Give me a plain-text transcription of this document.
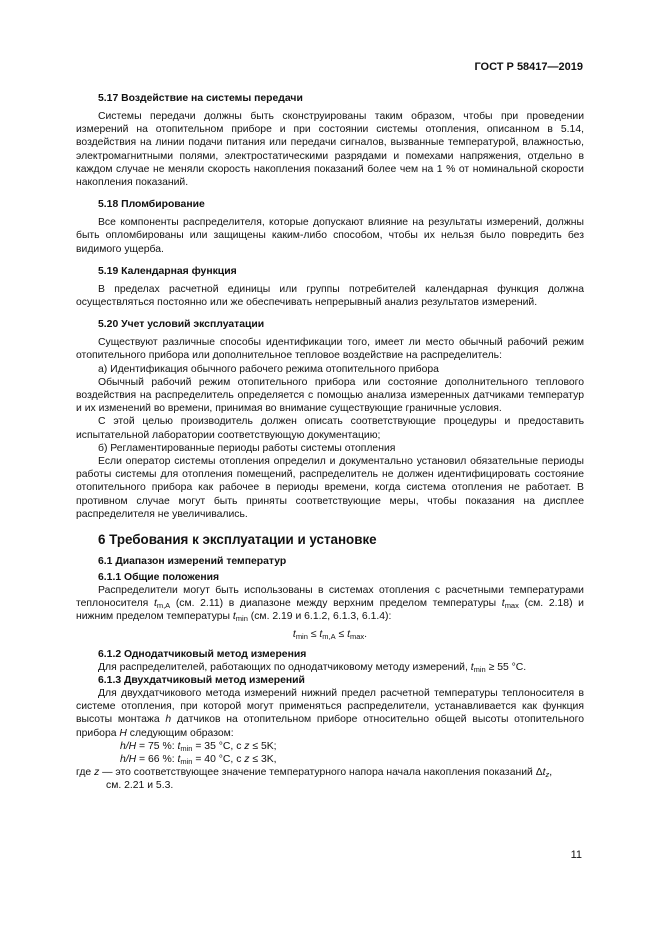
ГОСТ Р 58417—2019

5.17 Воздействие на системы передачи

Системы передачи должны быть сконструированы таким образом, чтобы при проведении измерений на отопительном приборе и при состоянии системы отопления, описанном в 5.14, воздействия на линии подачи питания или передачи сигналов, вызванные температурой, влажностью, электромагнитными полями, электростатическими разрядами и помехами напряжения, отдельно в каждом случае не меняли скорость накопления показаний более чем на 1 % от номинальной скорости накопления показаний.

5.18 Пломбирование

Все компоненты распределителя, которые допускают влияние на результаты измерений, должны быть опломбированы или защищены каким-либо способом, чтобы их нельзя было повредить без видимого ущерба.

5.19 Календарная функция

В пределах расчетной единицы или группы потребителей календарная функция должна осуществляться постоянно или же обеспечивать непрерывный анализ результатов измерений.

5.20 Учет условий эксплуатации

Существуют различные способы идентификации того, имеет ли место обычный рабочий режим отопительного прибора или дополнительное тепловое воздействие на распределитель:

а) Идентификация обычного рабочего режима отопительного прибора

Обычный рабочий режим отопительного прибора или состояние дополнительного теплового воздействия на распределитель определяется с помощью анализа измеренных датчиками температур и их изменений во времени, принимая во внимание существующие граничные условия.

С этой целью производитель должен описать соответствующие процедуры и предоставить испытательной лаборатории соответствующую документацию;

б) Регламентированные периоды работы системы отопления

Если оператор системы отопления определил и документально установил обязательные периоды работы системы для отопления помещений, распределитель не должен идентифицировать состояние отопительного прибора как рабочее в периоды времени, когда система отопления не работает. В противном случае могут быть приняты соответствующие меры, чтобы показания на дисплее распределителя не увеличивались.

6 Требования к эксплуатации и установке

6.1 Диапазон измерений температур

6.1.1 Общие положения

Распределители могут быть использованы в системах отопления с расчетными температурами теплоносителя $t_{m,A}$ (см. 2.11) в диапазоне между верхним пределом температуры $t_{max}$ (см. 2.18) и нижним пределом температуры $t_{min}$ (см. 2.19 и 6.1.2, 6.1.3, 6.1.4):

$t_{min} \le t_{m,A} \le t_{max}$.

6.1.2 Однодатчиковый метод измерения

Для распределителей, работающих по однодатчиковому методу измерений, $t_{min} \ge 55$ °C.

6.1.3 Двухдатчиковый метод измерений

Для двухдатчикового метода измерений нижний предел расчетной температуры теплоносителя в системе отопления, при которой могут применяться распределители, устанавливается как функция высоты монтажа h датчиков на отопительном приборе относительно общей высоты отопительного прибора H следующим образом:

h/H = 75 %: $t_{min} = 35$ °C, с z ≤ 5K;

h/H = 66 %: $t_{min} = 40$ °C, с z ≤ 3K,

где z — это соответствующее значение температурного напора начала накопления показаний $\Delta t_z$,

см. 2.21 и 5.3.

11
